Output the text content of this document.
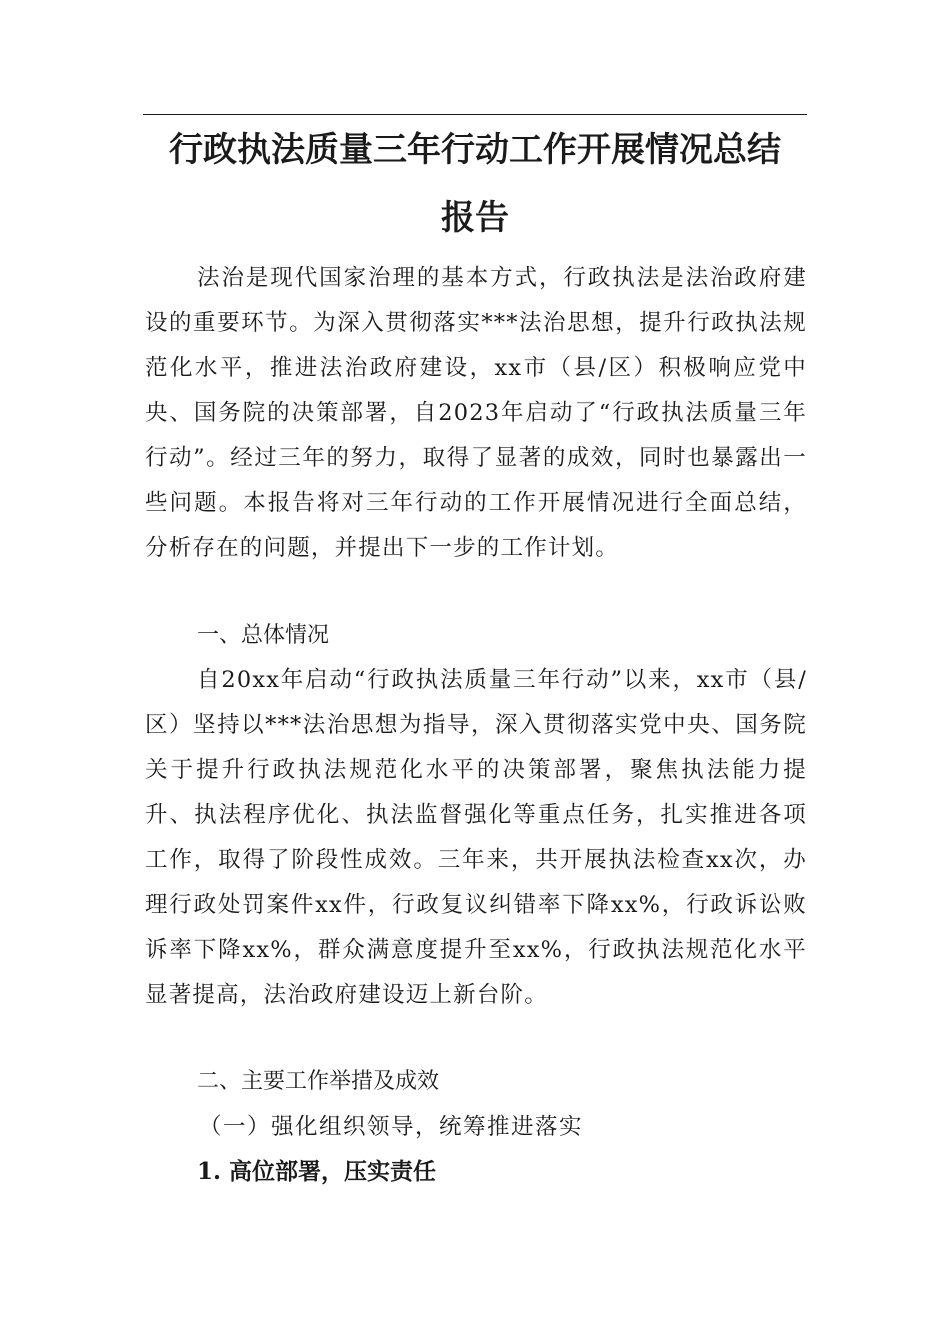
行政执法质量三年行动工作开展情况总结
报告
法治是现代国家治理的基本方式，行政执法是法治政府建设的重要环节。为深入贯彻落实***法治思想，提升行政执法规范化水平，推进法治政府建设，xx市（县/区）积极响应党中央、国务院的决策部署，自2023年启动了“行政执法质量三年行动”。经过三年的努力，取得了显著的成效，同时也暴露出一些问题。本报告将对三年行动的工作开展情况进行全面总结，分析存在的问题，并提出下一步的工作计划。
一、总体情况
自20xx年启动“行政执法质量三年行动”以来，xx市（县/区）坚持以***法治思想为指导，深入贯彻落实党中央、国务院关于提升行政执法规范化水平的决策部署，聚焦执法能力提升、执法程序优化、执法监督强化等重点任务，扎实推进各项工作，取得了阶段性成效。三年来，共开展执法检查xx次，办理行政处罚案件xx件，行政复议纠错率下降xx%，行政诉讼败诉率下降xx%，群众满意度提升至xx%，行政执法规范化水平显著提高，法治政府建设迈上新台阶。
二、主要工作举措及成效
（一）强化组织领导，统筹推进落实
1. 高位部署，压实责任
